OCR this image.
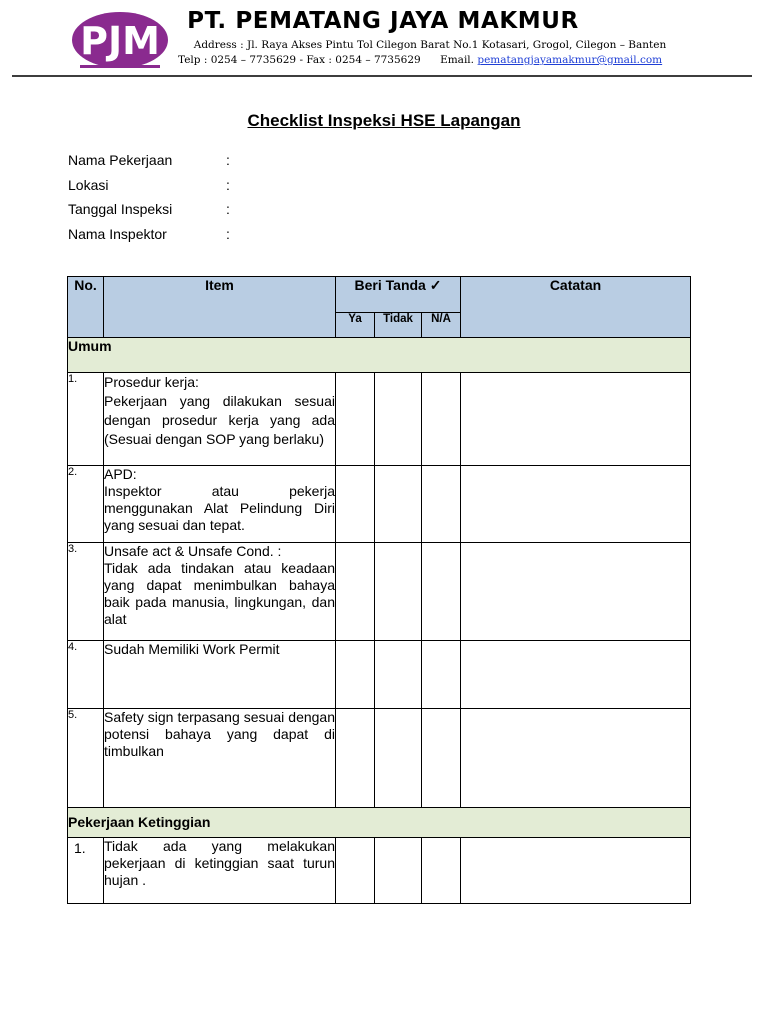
PJM	PT. PEMATANG JAYA MAKMUR
Address : Jl. Raya Akses Pintu Tol Cilegon Barat No.1 Kotasari, Grogol, Cilegon – Banten
Telp : 0254 – 7735629 - Fax : 0254 – 7735629 Email. pematangjayamakmur@gmail.com
Checklist Inspeksi HSE Lapangan
Nama Pekerjaan	:
Lokasi	:
Tanggal Inspeksi	:
Nama Inspektor	:
No.	Item	Beri Tanda ✓			Catatan
		Ya	Tidak	N/A	
Umum					
1.	Prosedur kerja:
Pekerjaan yang dilakukan sesuai dengan prosedur kerja yang ada (Sesuai dengan SOP yang berlaku)				

2.	APD:
Inspektor atau pekerja menggunakan Alat Pelindung Diri yang sesuai dan tepat.				

3.	Unsafe act & Unsafe Cond. :
Tidak ada tindakan atau keadaan yang dapat menimbulkan bahaya baik pada manusia, lingkungan, dan alat				

4.	Sudah Memiliki Work Permit				

5.	Safety sign terpasang sesuai dengan potensi bahaya yang dapat di timbulkan				

Pekerjaan Ketinggian					
1.	Tidak ada yang melakukan pekerjaan di ketinggian saat turun hujan .				
